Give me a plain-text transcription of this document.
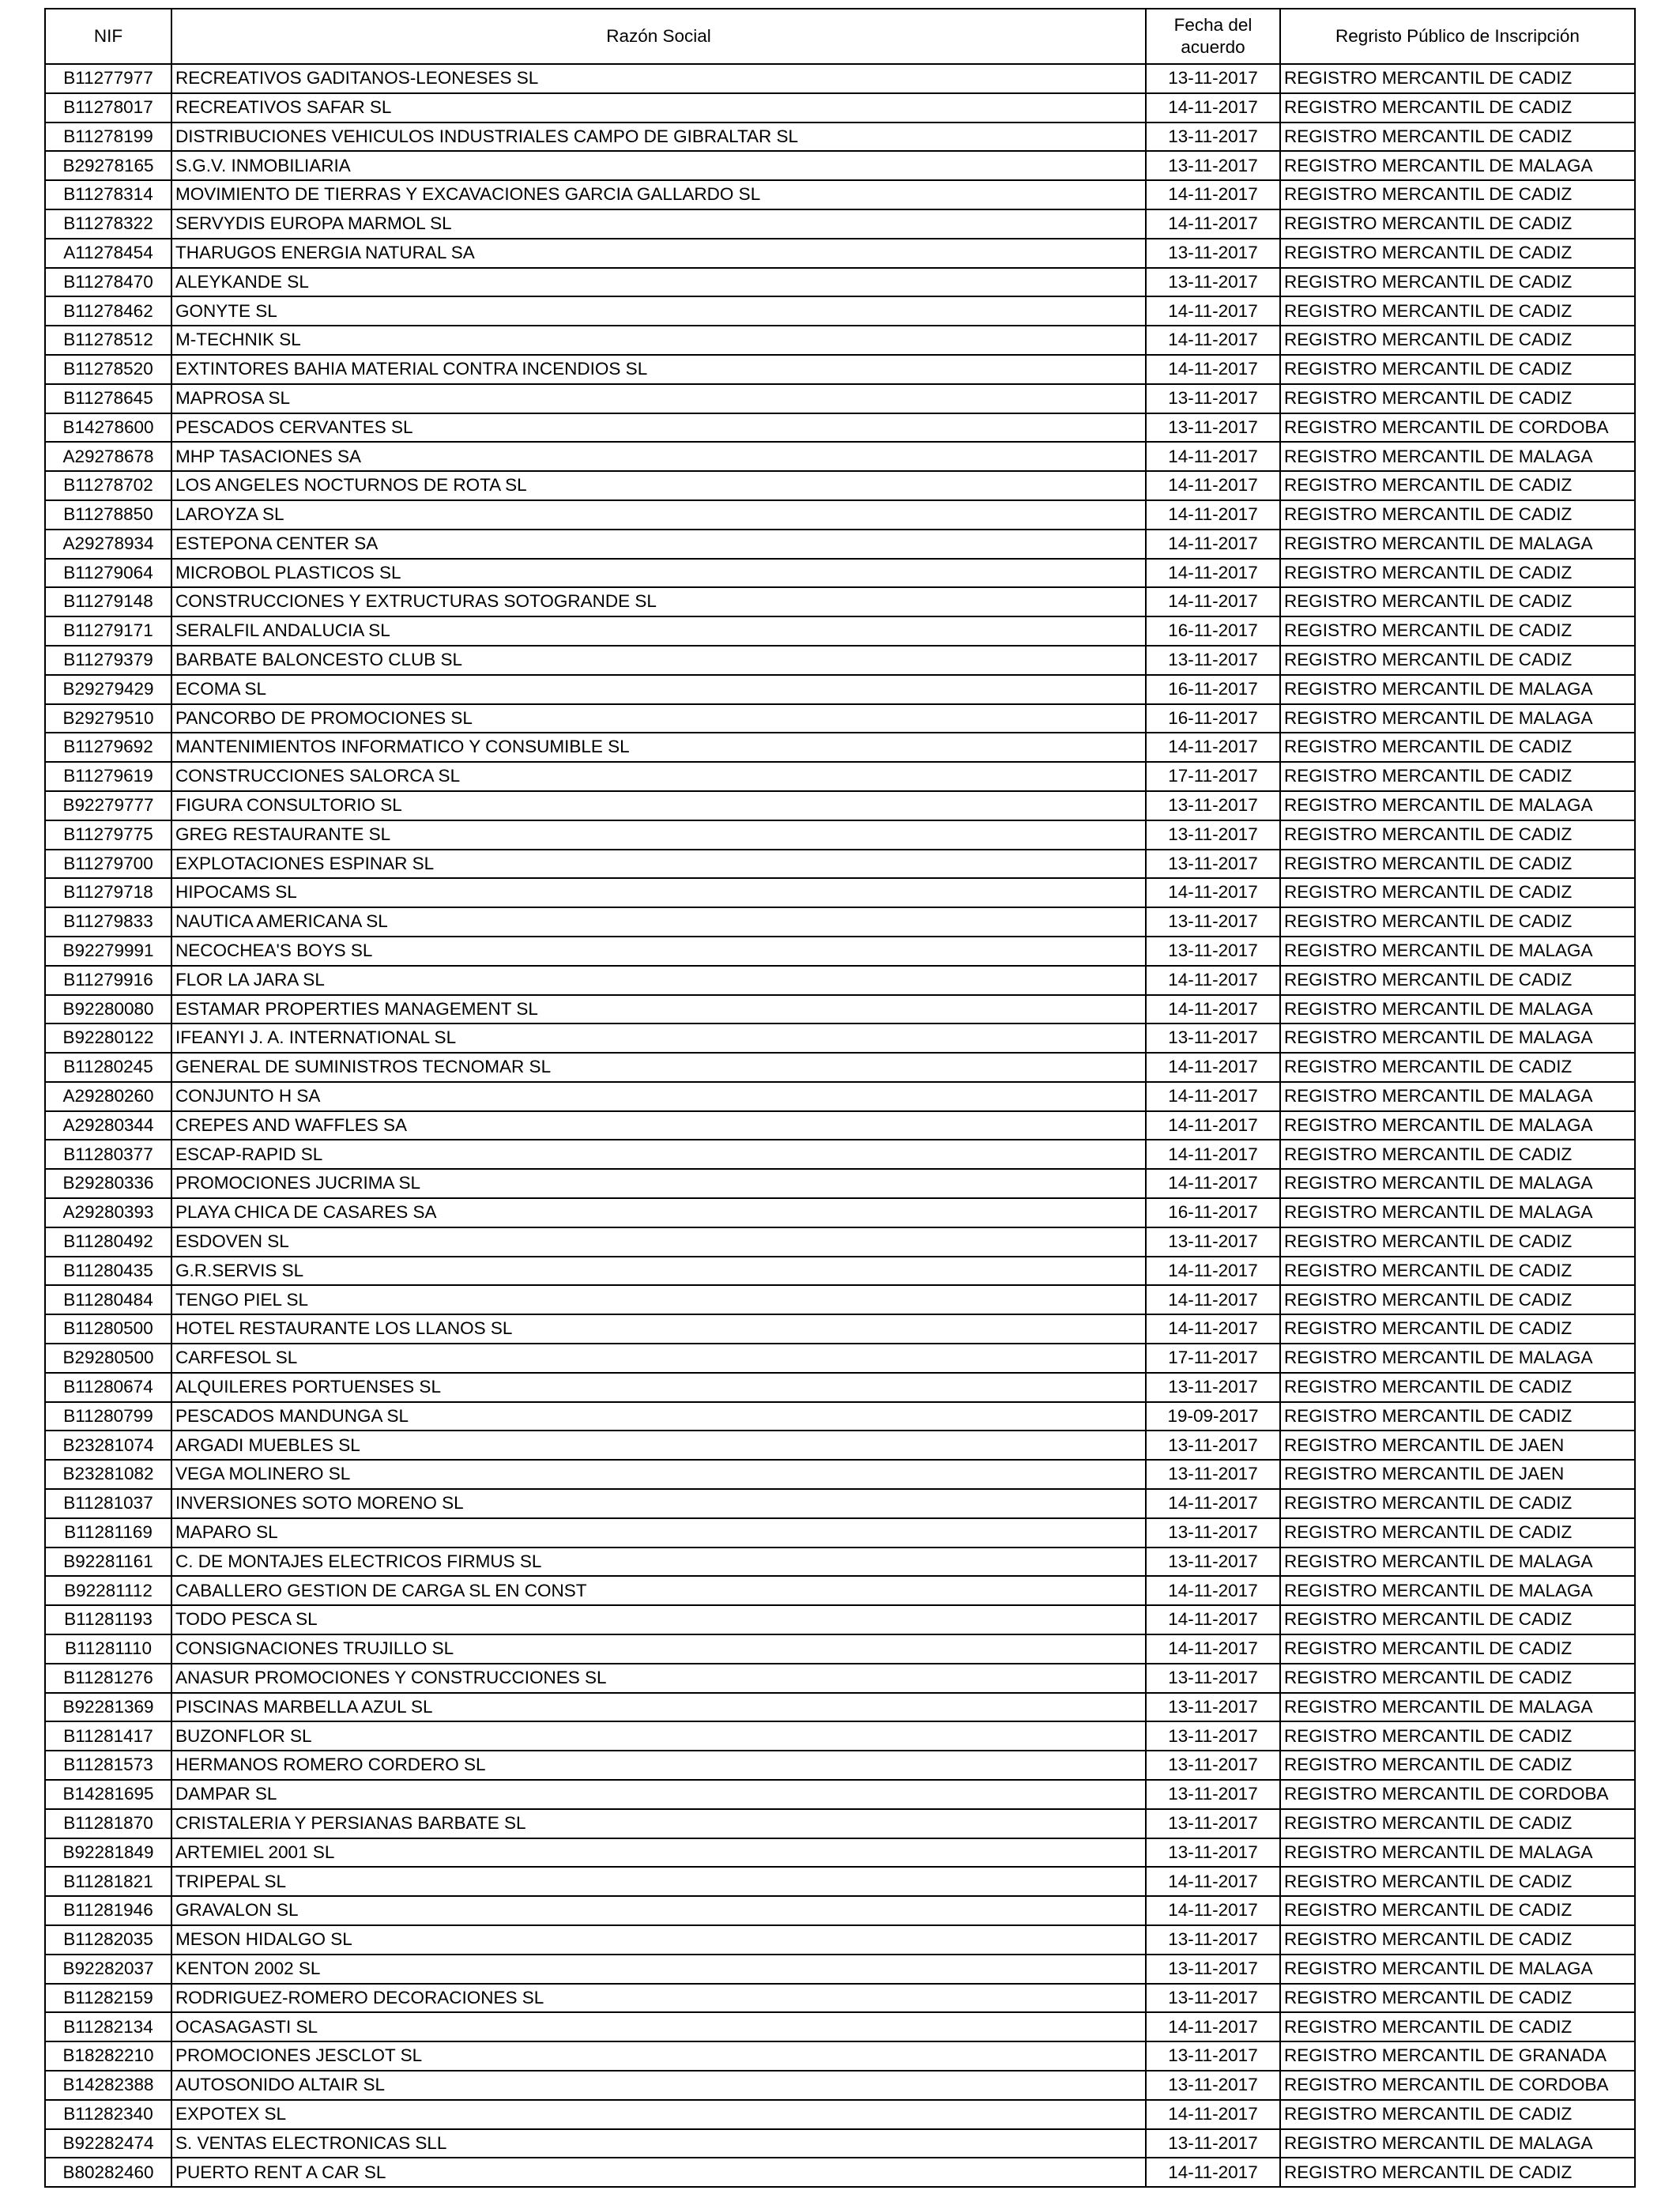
NIF	Razón Social	Fecha del acuerdo	Regristo Público de Inscripción
B11277977	RECREATIVOS GADITANOS-LEONESES SL	13-11-2017	REGISTRO MERCANTIL DE CADIZ
B11278017	RECREATIVOS SAFAR SL	14-11-2017	REGISTRO MERCANTIL DE CADIZ
B11278199	DISTRIBUCIONES VEHICULOS INDUSTRIALES CAMPO DE GIBRALTAR SL	13-11-2017	REGISTRO MERCANTIL DE CADIZ
B29278165	S.G.V. INMOBILIARIA	13-11-2017	REGISTRO MERCANTIL DE MALAGA
B11278314	MOVIMIENTO DE TIERRAS Y EXCAVACIONES GARCIA GALLARDO SL	14-11-2017	REGISTRO MERCANTIL DE CADIZ
B11278322	SERVYDIS EUROPA MARMOL SL	14-11-2017	REGISTRO MERCANTIL DE CADIZ
A11278454	THARUGOS ENERGIA NATURAL SA	13-11-2017	REGISTRO MERCANTIL DE CADIZ
B11278470	ALEYKANDE SL	13-11-2017	REGISTRO MERCANTIL DE CADIZ
B11278462	GONYTE SL	14-11-2017	REGISTRO MERCANTIL DE CADIZ
B11278512	M-TECHNIK SL	14-11-2017	REGISTRO MERCANTIL DE CADIZ
B11278520	EXTINTORES BAHIA MATERIAL CONTRA INCENDIOS SL	14-11-2017	REGISTRO MERCANTIL DE CADIZ
B11278645	MAPROSA SL	13-11-2017	REGISTRO MERCANTIL DE CADIZ
B14278600	PESCADOS CERVANTES SL	13-11-2017	REGISTRO MERCANTIL DE CORDOBA
A29278678	MHP TASACIONES SA	14-11-2017	REGISTRO MERCANTIL DE MALAGA
B11278702	LOS ANGELES NOCTURNOS DE ROTA SL	14-11-2017	REGISTRO MERCANTIL DE CADIZ
B11278850	LAROYZA SL	14-11-2017	REGISTRO MERCANTIL DE CADIZ
A29278934	ESTEPONA CENTER SA	14-11-2017	REGISTRO MERCANTIL DE MALAGA
B11279064	MICROBOL PLASTICOS SL	14-11-2017	REGISTRO MERCANTIL DE CADIZ
B11279148	CONSTRUCCIONES Y EXTRUCTURAS SOTOGRANDE SL	14-11-2017	REGISTRO MERCANTIL DE CADIZ
B11279171	SERALFIL ANDALUCIA SL	16-11-2017	REGISTRO MERCANTIL DE CADIZ
B11279379	BARBATE BALONCESTO CLUB SL	13-11-2017	REGISTRO MERCANTIL DE CADIZ
B29279429	ECOMA SL	16-11-2017	REGISTRO MERCANTIL DE MALAGA
B29279510	PANCORBO DE PROMOCIONES SL	16-11-2017	REGISTRO MERCANTIL DE MALAGA
B11279692	MANTENIMIENTOS INFORMATICO Y CONSUMIBLE SL	14-11-2017	REGISTRO MERCANTIL DE CADIZ
B11279619	CONSTRUCCIONES SALORCA SL	17-11-2017	REGISTRO MERCANTIL DE CADIZ
B92279777	FIGURA CONSULTORIO SL	13-11-2017	REGISTRO MERCANTIL DE MALAGA
B11279775	GREG RESTAURANTE SL	13-11-2017	REGISTRO MERCANTIL DE CADIZ
B11279700	EXPLOTACIONES ESPINAR SL	13-11-2017	REGISTRO MERCANTIL DE CADIZ
B11279718	HIPOCAMS SL	14-11-2017	REGISTRO MERCANTIL DE CADIZ
B11279833	NAUTICA AMERICANA SL	13-11-2017	REGISTRO MERCANTIL DE CADIZ
B92279991	NECOCHEA'S BOYS SL	13-11-2017	REGISTRO MERCANTIL DE MALAGA
B11279916	FLOR LA JARA SL	14-11-2017	REGISTRO MERCANTIL DE CADIZ
B92280080	ESTAMAR PROPERTIES MANAGEMENT SL	14-11-2017	REGISTRO MERCANTIL DE MALAGA
B92280122	IFEANYI J. A. INTERNATIONAL SL	13-11-2017	REGISTRO MERCANTIL DE MALAGA
B11280245	GENERAL DE SUMINISTROS TECNOMAR SL	14-11-2017	REGISTRO MERCANTIL DE CADIZ
A29280260	CONJUNTO H SA	14-11-2017	REGISTRO MERCANTIL DE MALAGA
A29280344	CREPES AND WAFFLES SA	14-11-2017	REGISTRO MERCANTIL DE MALAGA
B11280377	ESCAP-RAPID SL	14-11-2017	REGISTRO MERCANTIL DE CADIZ
B29280336	PROMOCIONES JUCRIMA SL	14-11-2017	REGISTRO MERCANTIL DE MALAGA
A29280393	PLAYA CHICA DE CASARES SA	16-11-2017	REGISTRO MERCANTIL DE MALAGA
B11280492	ESDOVEN SL	13-11-2017	REGISTRO MERCANTIL DE CADIZ
B11280435	G.R.SERVIS SL	14-11-2017	REGISTRO MERCANTIL DE CADIZ
B11280484	TENGO PIEL SL	14-11-2017	REGISTRO MERCANTIL DE CADIZ
B11280500	HOTEL RESTAURANTE LOS LLANOS SL	14-11-2017	REGISTRO MERCANTIL DE CADIZ
B29280500	CARFESOL SL	17-11-2017	REGISTRO MERCANTIL DE MALAGA
B11280674	ALQUILERES PORTUENSES SL	13-11-2017	REGISTRO MERCANTIL DE CADIZ
B11280799	PESCADOS MANDUNGA SL	19-09-2017	REGISTRO MERCANTIL DE CADIZ
B23281074	ARGADI MUEBLES SL	13-11-2017	REGISTRO MERCANTIL DE JAEN
B23281082	VEGA MOLINERO SL	13-11-2017	REGISTRO MERCANTIL DE JAEN
B11281037	INVERSIONES SOTO MORENO SL	14-11-2017	REGISTRO MERCANTIL DE CADIZ
B11281169	MAPARO SL	13-11-2017	REGISTRO MERCANTIL DE CADIZ
B92281161	C. DE MONTAJES ELECTRICOS FIRMUS SL	13-11-2017	REGISTRO MERCANTIL DE MALAGA
B92281112	CABALLERO GESTION DE CARGA SL EN CONST	14-11-2017	REGISTRO MERCANTIL DE MALAGA
B11281193	TODO PESCA SL	14-11-2017	REGISTRO MERCANTIL DE CADIZ
B11281110	CONSIGNACIONES TRUJILLO SL	14-11-2017	REGISTRO MERCANTIL DE CADIZ
B11281276	ANASUR PROMOCIONES Y CONSTRUCCIONES SL	13-11-2017	REGISTRO MERCANTIL DE CADIZ
B92281369	PISCINAS MARBELLA AZUL SL	13-11-2017	REGISTRO MERCANTIL DE MALAGA
B11281417	BUZONFLOR SL	13-11-2017	REGISTRO MERCANTIL DE CADIZ
B11281573	HERMANOS ROMERO CORDERO SL	13-11-2017	REGISTRO MERCANTIL DE CADIZ
B14281695	DAMPAR SL	13-11-2017	REGISTRO MERCANTIL DE CORDOBA
B11281870	CRISTALERIA Y PERSIANAS BARBATE SL	13-11-2017	REGISTRO MERCANTIL DE CADIZ
B92281849	ARTEMIEL 2001 SL	13-11-2017	REGISTRO MERCANTIL DE MALAGA
B11281821	TRIPEPAL SL	14-11-2017	REGISTRO MERCANTIL DE CADIZ
B11281946	GRAVALON SL	14-11-2017	REGISTRO MERCANTIL DE CADIZ
B11282035	MESON HIDALGO SL	13-11-2017	REGISTRO MERCANTIL DE CADIZ
B92282037	KENTON 2002 SL	13-11-2017	REGISTRO MERCANTIL DE MALAGA
B11282159	RODRIGUEZ-ROMERO DECORACIONES SL	13-11-2017	REGISTRO MERCANTIL DE CADIZ
B11282134	OCASAGASTI SL	14-11-2017	REGISTRO MERCANTIL DE CADIZ
B18282210	PROMOCIONES JESCLOT SL	13-11-2017	REGISTRO MERCANTIL DE GRANADA
B14282388	AUTOSONIDO ALTAIR SL	13-11-2017	REGISTRO MERCANTIL DE CORDOBA
B11282340	EXPOTEX SL	14-11-2017	REGISTRO MERCANTIL DE CADIZ
B92282474	S. VENTAS ELECTRONICAS SLL	13-11-2017	REGISTRO MERCANTIL DE MALAGA
B80282460	PUERTO RENT A CAR SL	14-11-2017	REGISTRO MERCANTIL DE CADIZ
